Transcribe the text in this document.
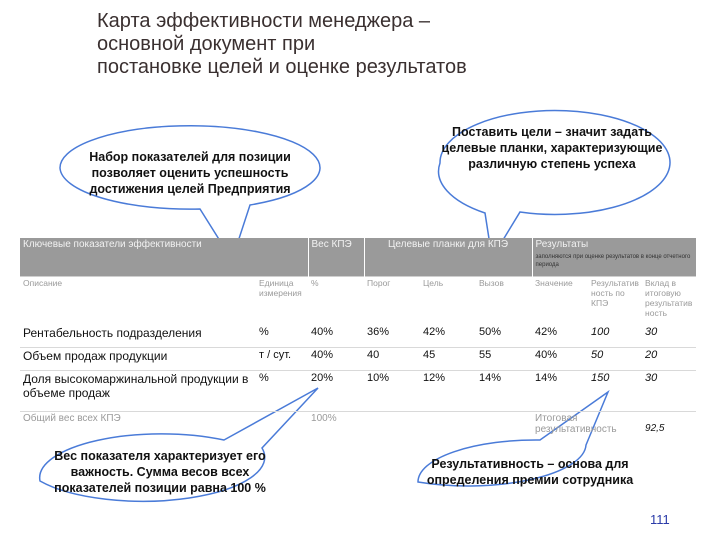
Карта эффективности менеджера –
основной документ при
постановке целей и оценке результатов
Набор показателей для позиции позволяет оценить успешность достижения целей Предприятия
Поставить цели – значит задать целевые планки, характеризующие различную степень успеха
Вес показателя характеризует его важность. Сумма весов всех показателей позиции равна 100 %
Результативность – основа для определения премии сотрудника
Ключевые показатели эффективности		Вес КПЭ	Целевые планки для КПЭ			Результаты
заполняются при оценке результатов в конце отчетного периода		

Описание	Единица измерения	%	Порог	Цель	Вызов	Значение	Результатив ность по КПЭ	Вклад в итоговую результатив ность
Рентабельность подразделения	%	40%	36%	42%	50%	42%	100	30
Объем продаж продукции	т / сут.	40%	40	45	55	40%	50	20
Доля высокомаржинальной продукции в объеме продаж	%	20%	10%	12%	14%	14%	150	30
Общий вес всех КПЭ		100%				Итоговая результативность		92,5
111
